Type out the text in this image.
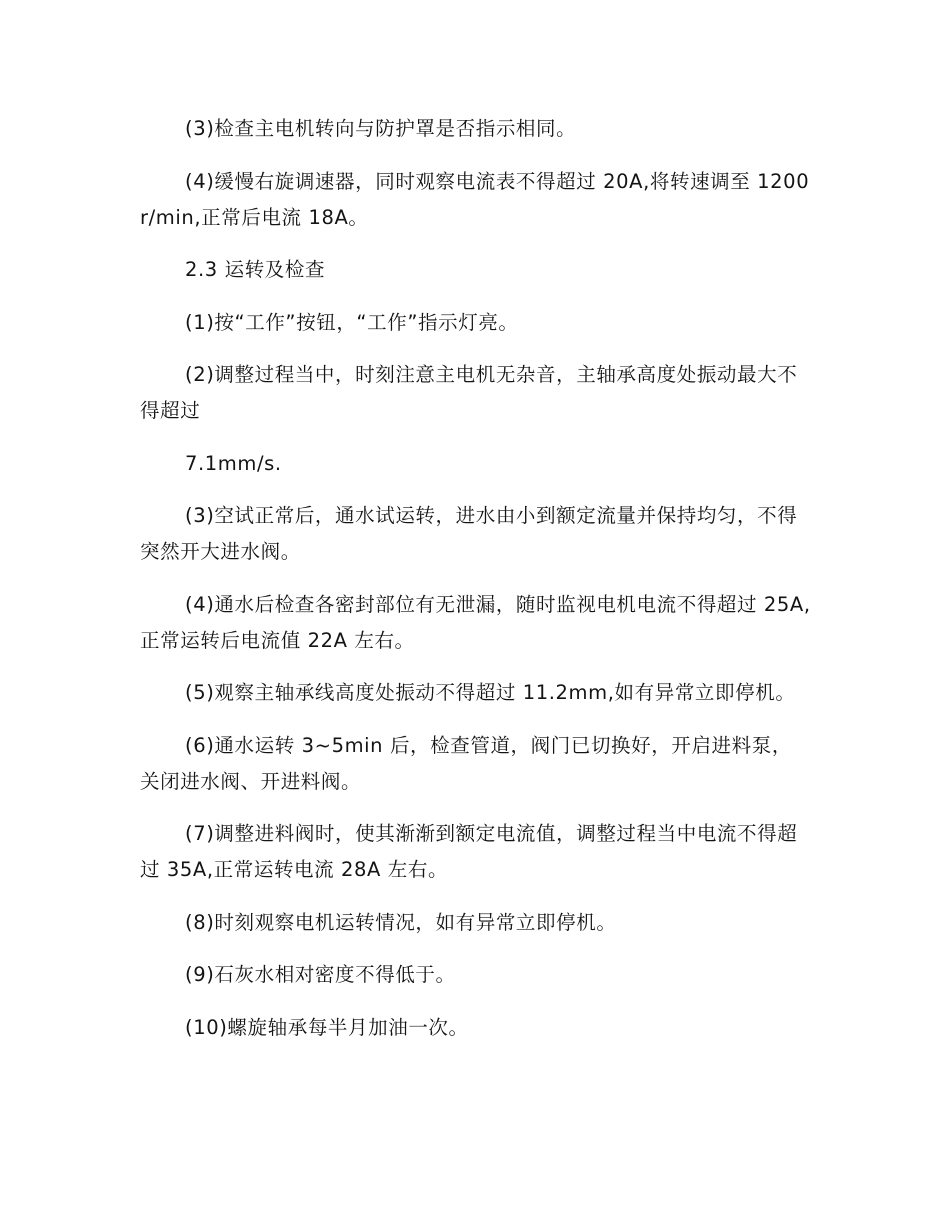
(3)检查主电机转向与防护罩是否指示相同。

(4)缓慢右旋调速器，同时观察电流表不得超过 20A,将转速调至 1200r/min,正常后电流 18A。

2.3 运转及检查

(1)按“工作”按钮，“工作”指示灯亮。

(2)调整过程当中，时刻注意主电机无杂音，主轴承高度处振动最大不得超过

7.1mm/s.

(3)空试正常后，通水试运转，进水由小到额定流量并保持均匀，不得突然开大进水阀。

(4)通水后检查各密封部位有无泄漏，随时监视电机电流不得超过 25A,正常运转后电流值 22A 左右。

(5)观察主轴承线高度处振动不得超过 11.2mm,如有异常立即停机。

(6)通水运转 3~5min 后，检查管道，阀门已切换好，开启进料泵，关闭进水阀、开进料阀。

(7)调整进料阀时，使其渐渐到额定电流值，调整过程当中电流不得超过 35A,正常运转电流 28A 左右。

(8)时刻观察电机运转情况，如有异常立即停机。

(9)石灰水相对密度不得低于。

(10)螺旋轴承每半月加油一次。
